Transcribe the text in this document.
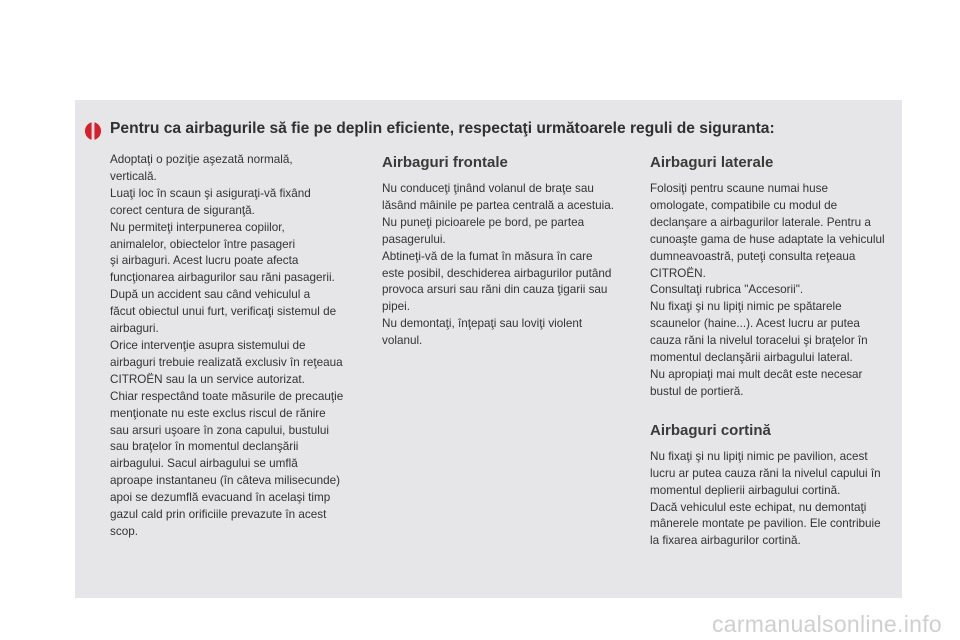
Pentru ca airbagurile să fie pe deplin eficiente, respectaţi următoarele reguli de siguranta:

Adoptaţi o poziţie aşezată normală,
verticală.
Luaţi loc în scaun şi asiguraţi-vă fixând
corect centura de siguranţă.
Nu permiteţi interpunerea copiilor,
animalelor, obiectelor între pasageri
şi airbaguri. Acest lucru poate afecta
funcţionarea airbagurilor sau răni pasagerii.
După un accident sau când vehiculul a
făcut obiectul unui furt, verificaţi sistemul de
airbaguri.
Orice intervenţie asupra sistemului de
airbaguri trebuie realizată exclusiv în reţeaua
CITROËN sau la un service autorizat.
Chiar respectând toate măsurile de precauţie
menţionate nu este exclus riscul de rănire
sau arsuri uşoare în zona capului, bustului
sau braţelor în momentul declanşării
airbagului. Sacul airbagului se umflă
aproape instantaneu (în câteva milisecunde)
apoi se dezumflă evacuand în acelaşi timp
gazul cald prin orificiile prevazute în acest
scop.

Airbaguri frontale

Nu conduceţi ţinând volanul de braţe sau
lăsând mâinile pe partea centrală a acestuia.
Nu puneţi picioarele pe bord, pe partea
pasagerului.
Abtineţi-vă de la fumat în măsura în care
este posibil, deschiderea airbagurilor putând
provoca arsuri sau răni din cauza ţigarii sau
pipei.
Nu demontaţi, înţepaţi sau loviţi violent
volanul.

Airbaguri laterale

Folosiţi pentru scaune numai huse
omologate, compatibile cu modul de
declanşare a airbagurilor laterale. Pentru a
cunoaşte gama de huse adaptate la vehiculul
dumneavoastră, puteţi consulta reţeaua
CITROËN.
Consultaţi rubrica "Accesorii".
Nu fixaţi şi nu lipiţi nimic pe spătarele
scaunelor (haine...). Acest lucru ar putea
cauza răni la nivelul toracelui şi braţelor în
momentul declanşării airbagului lateral.
Nu apropiaţi mai mult decât este necesar
bustul de portieră.

Airbaguri cortină

Nu fixaţi şi nu lipiţi nimic pe pavilion, acest
lucru ar putea cauza răni la nivelul capului în
momentul deplierii airbagului cortină.
Dacă vehiculul este echipat, nu demontaţi
mânerele montate pe pavilion. Ele contribuie
la fixarea airbagurilor cortină.

carmanualsonline.info
